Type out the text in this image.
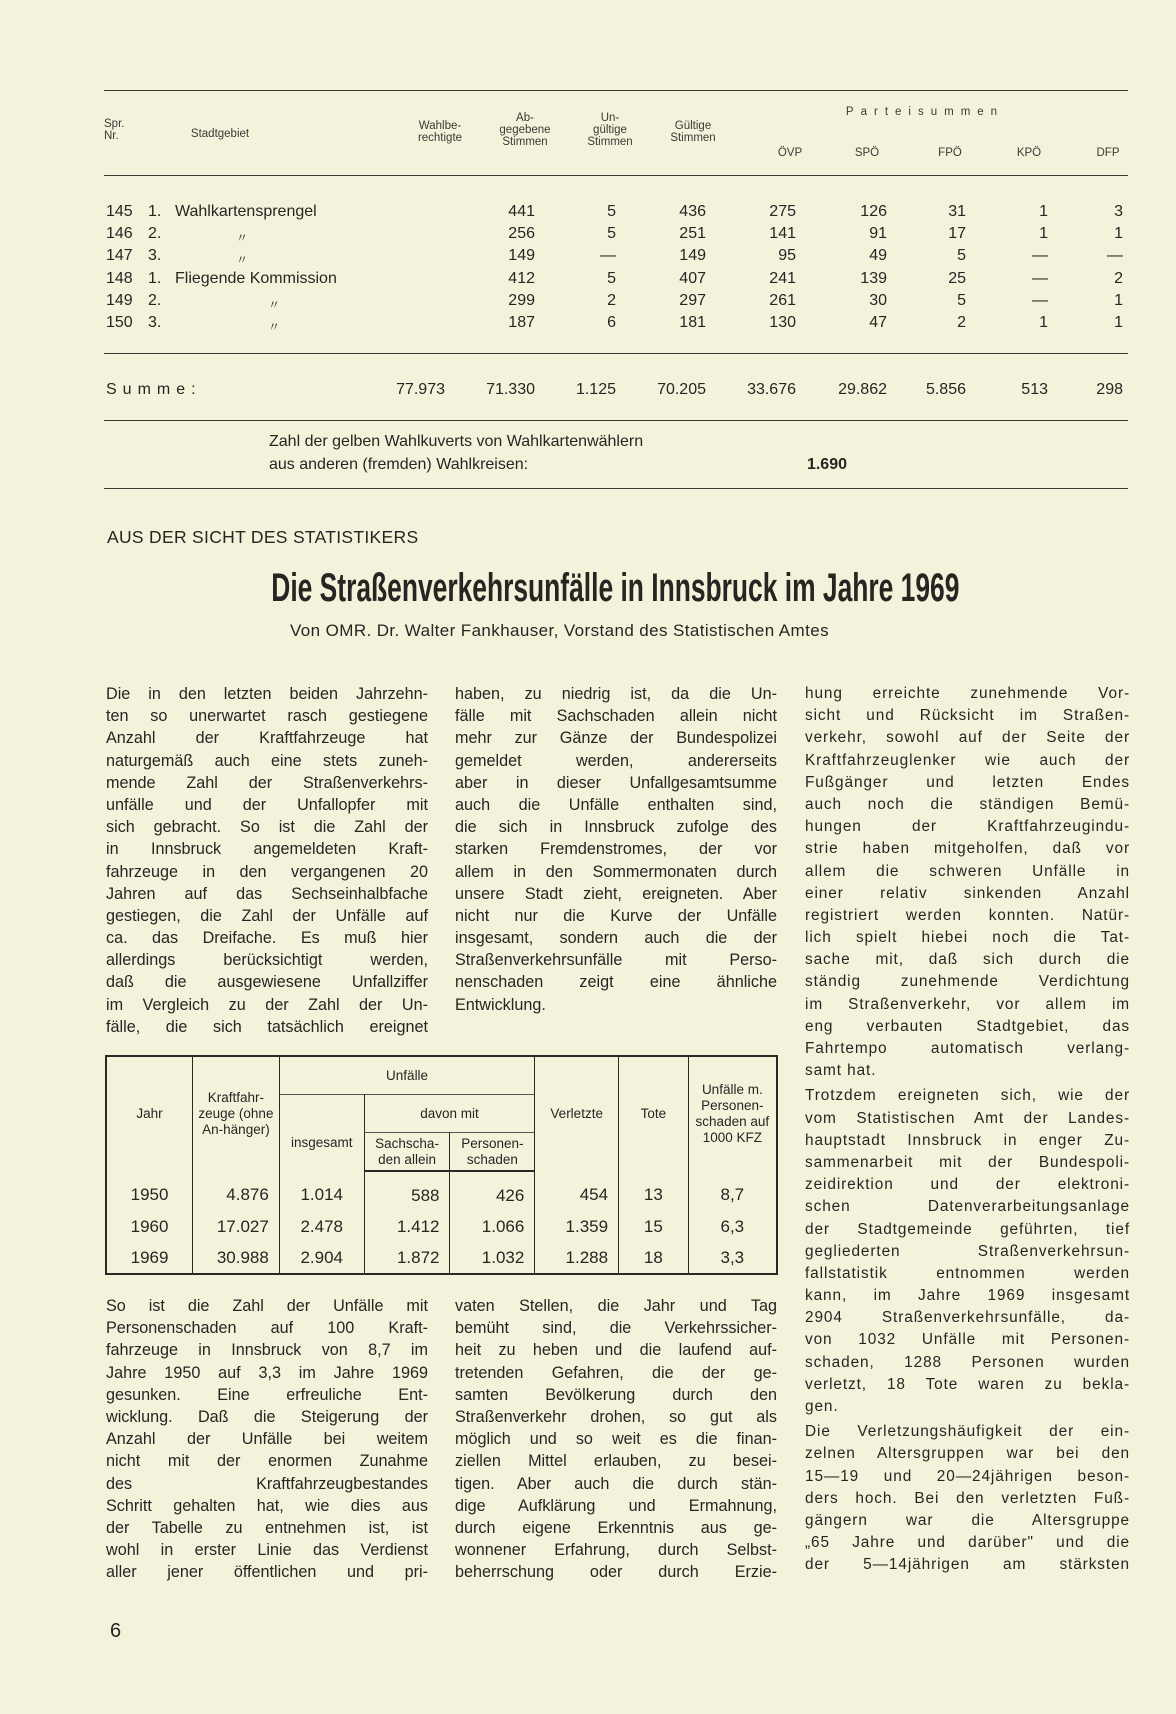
Spr.
Nr.	Stadtgebiet
Wahlbe-
rechtigte
Ab-
gegebene
Stimmen
Un-
gültige
Stimmen
Gültige
Stimmen
Parteisummen
ÖVP	SPÖ	FPÖ	KPÖ	DFP
145 1. Wahlkartensprengel	441	5	436	275	126	31	1	3
146 2.	〃	256	5	251	141	91	17	1	1
147 3.	〃	149	—	149	95	49	5	—	—
148 1. Fliegende Kommission	412	5	407	241	139	25	—	2
149 2.	〃	299	2	297	261	30	5	—	1
150 3.	〃	187	6	181	130	47	2	1	1
Summe:	77.973	71.330	1.125	70.205	33.676	29.862	5.856	513	298
Zahl der gelben Wahlkuverts von Wahlkartenwählern
aus anderen (fremden) Wahlkreisen:	1.690
AUS DER SICHT DES STATISTIKERS
Die Straßenverkehrsunfälle in Innsbruck im Jahre 1969
Von OMR. Dr. Walter Fankhauser, Vorstand des Statistischen Amtes
Die in den letzten beiden Jahrzehn-
ten so unerwartet rasch gestiegene
Anzahl der Kraftfahrzeuge hat
naturgemäß auch eine stets zuneh-
mende Zahl der Straßenverkehrs-
unfälle und der Unfallopfer mit
sich gebracht. So ist die Zahl der
in Innsbruck angemeldeten Kraft-
fahrzeuge in den vergangenen 20
Jahren auf das Sechseinhalbfache
gestiegen, die Zahl der Unfälle auf
ca. das Dreifache. Es muß hier
allerdings berücksichtigt werden,
daß die ausgewiesene Unfallziffer
im Vergleich zu der Zahl der Un-
fälle, die sich tatsächlich ereignet
haben, zu niedrig ist, da die Un-
fälle mit Sachschaden allein nicht
mehr zur Gänze der Bundespolizei
gemeldet werden, andererseits
aber in dieser Unfallgesamtsumme
auch die Unfälle enthalten sind,
die sich in Innsbruck zufolge des
starken Fremdenstromes, der vor
allem in den Sommermonaten durch
unsere Stadt zieht, ereigneten. Aber
nicht nur die Kurve der Unfälle
insgesamt, sondern auch die der
Straßenverkehrsunfälle mit Perso-
nenschaden zeigt eine ähnliche
Entwicklung.
hung erreichte zunehmende Vor-
sicht und Rücksicht im Straßen-
verkehr, sowohl auf der Seite der
Kraftfahrzeuglenker wie auch der
Fußgänger und letzten Endes
auch noch die ständigen Bemü-
hungen der Kraftfahrzeugindu-
strie haben mitgeholfen, daß vor
allem die schweren Unfälle in
einer relativ sinkenden Anzahl
registriert werden konnten. Natür-
lich spielt hiebei noch die Tat-
sache mit, daß sich durch die
ständig zunehmende Verdichtung
im Straßenverkehr, vor allem im
eng verbauten Stadtgebiet, das
Fahrtempo automatisch verlang-
samt hat.
Trotzdem ereigneten sich, wie der
vom Statistischen Amt der Landes-
hauptstadt Innsbruck in enger Zu-
sammenarbeit mit der Bundespoli-
zeidirektion und der elektroni-
schen Datenverarbeitungsanlage
der Stadtgemeinde geführten, tief
gegliederten Straßenverkehrsun-
fallstatistik entnommen werden
kann, im Jahre 1969 insgesamt
2904 Straßenverkehrsunfälle, da-
von 1032 Unfälle mit Personen-
schaden, 1288 Personen wurden
verletzt, 18 Tote waren zu bekla-
gen.
Die Verletzungshäufigkeit der ein-
zelnen Altersgruppen war bei den
15—19 und 20—24jährigen beson-
ders hoch. Bei den verletzten Fuß-
gängern war die Altersgruppe
„65 Jahre und darüber" und die
der 5—14jährigen am stärksten
So ist die Zahl der Unfälle mit
Personenschaden auf 100 Kraft-
fahrzeuge in Innsbruck von 8,7 im
Jahre 1950 auf 3,3 im Jahre 1969
gesunken. Eine erfreuliche Ent-
wicklung. Daß die Steigerung der
Anzahl der Unfälle bei weitem
nicht mit der enormen Zunahme
des Kraftfahrzeugbestandes
Schritt gehalten hat, wie dies aus
der Tabelle zu entnehmen ist, ist
wohl in erster Linie das Verdienst
aller jener öffentlichen und pri-
vaten Stellen, die Jahr und Tag
bemüht sind, die Verkehrssicher-
heit zu heben und die laufend auf-
tretenden Gefahren, die der ge-
samten Bevölkerung durch den
Straßenverkehr drohen, so gut als
möglich und so weit es die finan-
ziellen Mittel erlauben, zu besei-
tigen. Aber auch die durch stän-
dige Aufklärung und Ermahnung,
durch eigene Erkenntnis aus ge-
wonnener Erfahrung, durch Selbst-
beherrschung oder durch Erzie-
Jahr	Kraftfahr-zeuge (ohne An-hänger)	Unfälle			Verletzte	Tote	Unfälle m. Personen-schaden auf 1000 KFZ
		insgesamt	davon mit				
			Sachscha-den allein	Personen-schaden			
1950	4.876	1.014	588	426	454	13	8,7
1960	17.027	2.478	1.412	1.066	1.359	15	6,3
1969	30.988	2.904	1.872	1.032	1.288	18	3,3
6
